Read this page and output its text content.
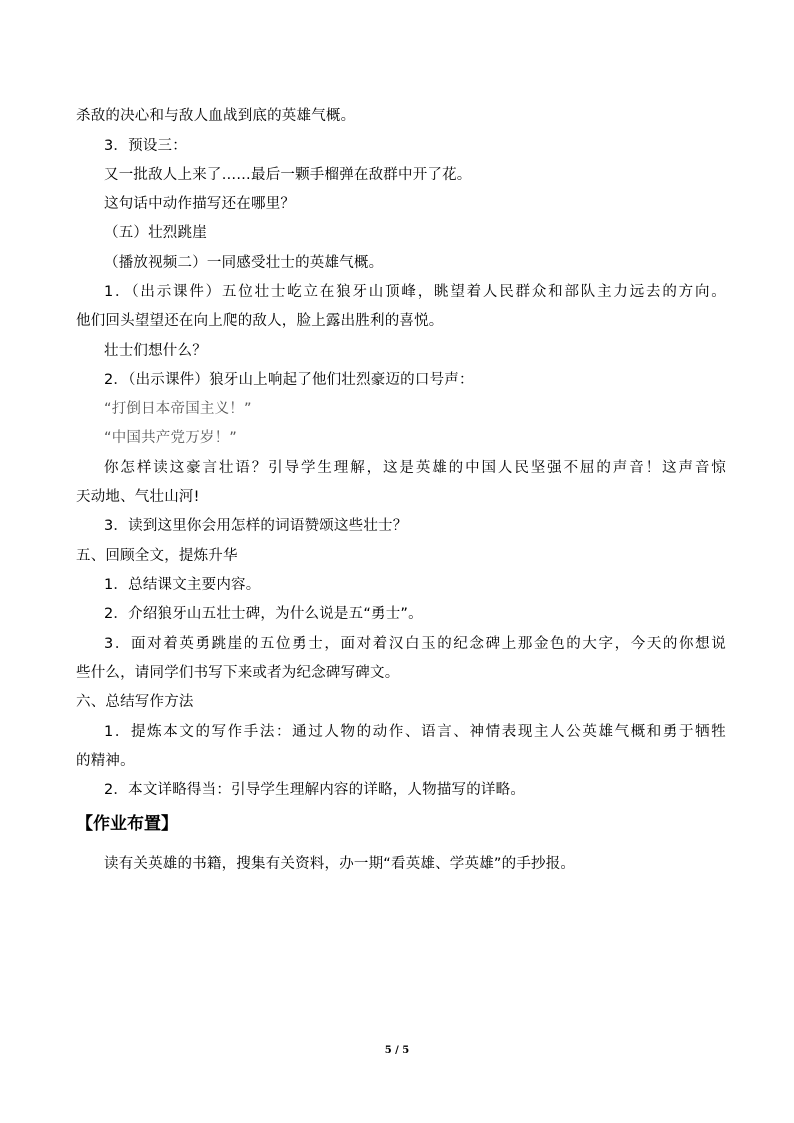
杀敌的决心和与敌人血战到底的英雄气概。
3．预设三：
又一批敌人上来了……最后一颗手榴弹在敌群中开了花。
这句话中动作描写还在哪里？
（五）壮烈跳崖
（播放视频二）一同感受壮士的英雄气概。
1．（出示课件）五位壮士屹立在狼牙山顶峰，眺望着人民群众和部队主力远去的方向。
他们回头望望还在向上爬的敌人，脸上露出胜利的喜悦。
壮士们想什么？
2．（出示课件）狼牙山上响起了他们壮烈豪迈的口号声：
“打倒日本帝国主义！”
“中国共产党万岁！”
你怎样读这豪言壮语？引导学生理解，这是英雄的中国人民坚强不屈的声音！这声音惊
天动地、气壮山河!
3．读到这里你会用怎样的词语赞颂这些壮士？
五、回顾全文，提炼升华
1．总结课文主要内容。
2．介绍狼牙山五壮士碑，为什么说是五“勇士”。
3．面对着英勇跳崖的五位勇士，面对着汉白玉的纪念碑上那金色的大字，今天的你想说
些什么，请同学们书写下来或者为纪念碑写碑文。
六、总结写作方法
1．提炼本文的写作手法：通过人物的动作、语言、神情表现主人公英雄气概和勇于牺牲
的精神。
2．本文详略得当：引导学生理解内容的详略，人物描写的详略。
【作业布置】
读有关英雄的书籍，搜集有关资料，办一期“看英雄、学英雄”的手抄报。
5 / 5
